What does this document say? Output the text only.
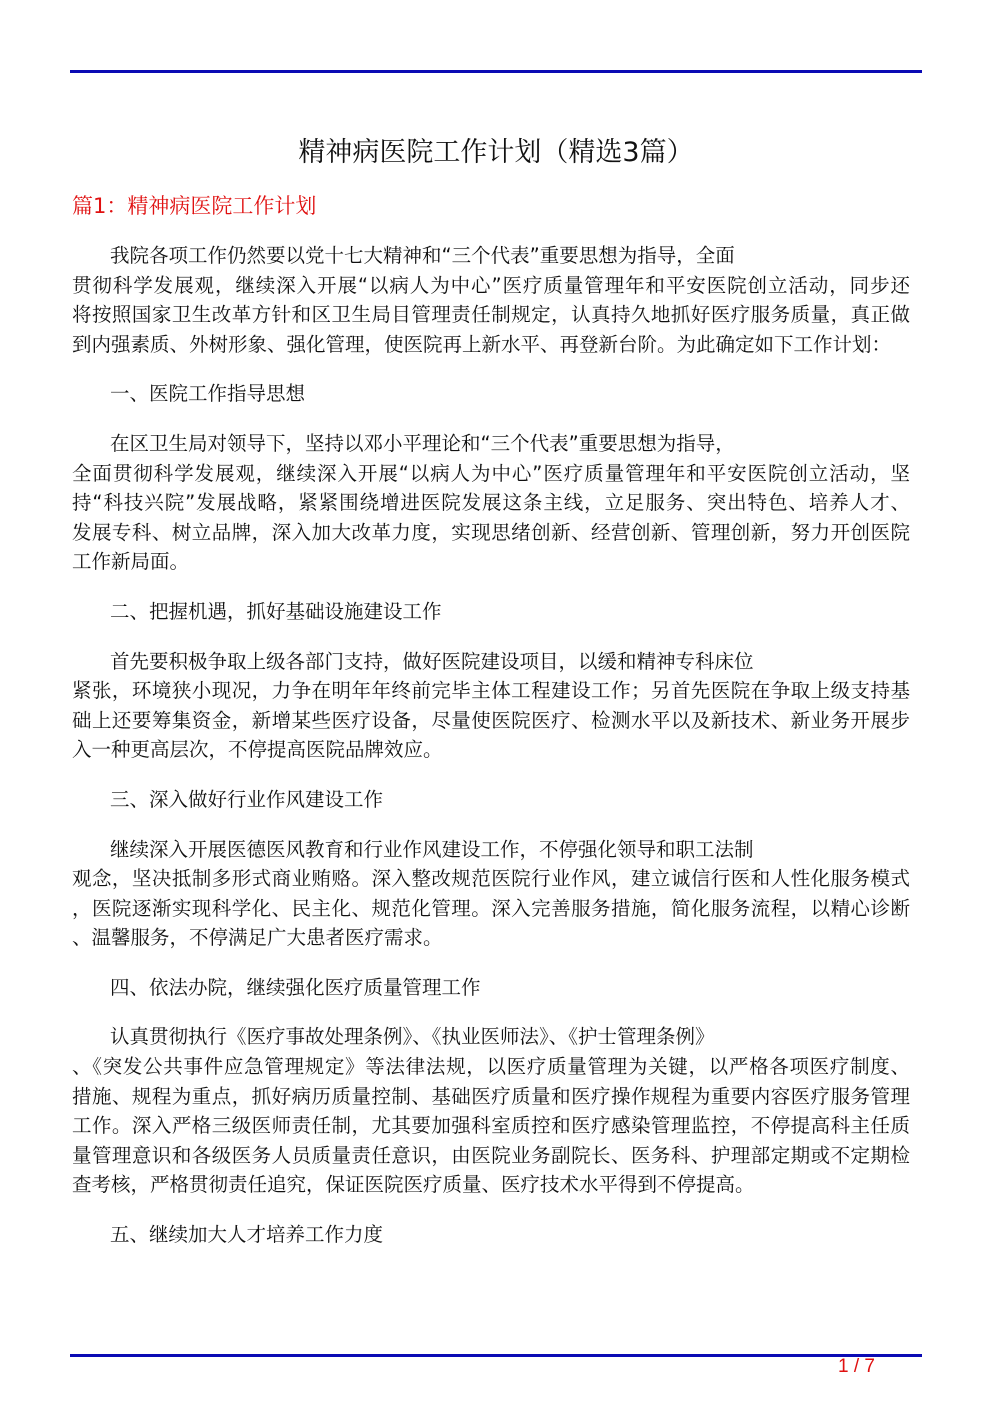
精神病医院工作计划（精选3篇）
篇1：精神病医院工作计划
我院各项工作仍然要以党十七大精神和“三个代表”重要思想为指导，全面
贯彻科学发展观，继续深入开展“以病人为中心”医疗质量管理年和平安医院创立活动，同步还
将按照国家卫生改革方针和区卫生局目管理责任制规定，认真持久地抓好医疗服务质量，真正做
到内强素质、外树形象、强化管理，使医院再上新水平、再登新台阶。为此确定如下工作计划：
一、医院工作指导思想
在区卫生局对领导下，坚持以邓小平理论和“三个代表”重要思想为指导，
全面贯彻科学发展观，继续深入开展“以病人为中心”医疗质量管理年和平安医院创立活动，坚
持“科技兴院”发展战略，紧紧围绕增进医院发展这条主线，立足服务、突出特色、培养人才、
发展专科、树立品牌，深入加大改革力度，实现思绪创新、经营创新、管理创新，努力开创医院
工作新局面。
二、把握机遇，抓好基础设施建设工作
首先要积极争取上级各部门支持，做好医院建设项目，以缓和精神专科床位
紧张，环境狭小现况，力争在明年年终前完毕主体工程建设工作；另首先医院在争取上级支持基
础上还要筹集资金，新增某些医疗设备，尽量使医院医疗、检测水平以及新技术、新业务开展步
入一种更高层次，不停提高医院品牌效应。
三、深入做好行业作风建设工作
继续深入开展医德医风教育和行业作风建设工作，不停强化领导和职工法制
观念，坚决抵制多形式商业贿赂。深入整改规范医院行业作风，建立诚信行医和人性化服务模式
，医院逐渐实现科学化、民主化、规范化管理。深入完善服务措施，简化服务流程，以精心诊断
、温馨服务，不停满足广大患者医疗需求。
四、依法办院，继续强化医疗质量管理工作
认真贯彻执行《医疗事故处理条例》、《执业医师法》、《护士管理条例》
、《突发公共事件应急管理规定》等法律法规，以医疗质量管理为关键，以严格各项医疗制度、
措施、规程为重点，抓好病历质量控制、基础医疗质量和医疗操作规程为重要内容医疗服务管理
工作。深入严格三级医师责任制，尤其要加强科室质控和医疗感染管理监控，不停提高科主任质
量管理意识和各级医务人员质量责任意识，由医院业务副院长、医务科、护理部定期或不定期检
查考核，严格贯彻责任追究，保证医院医疗质量、医疗技术水平得到不停提高。
五、继续加大人才培养工作力度
1 / 7
